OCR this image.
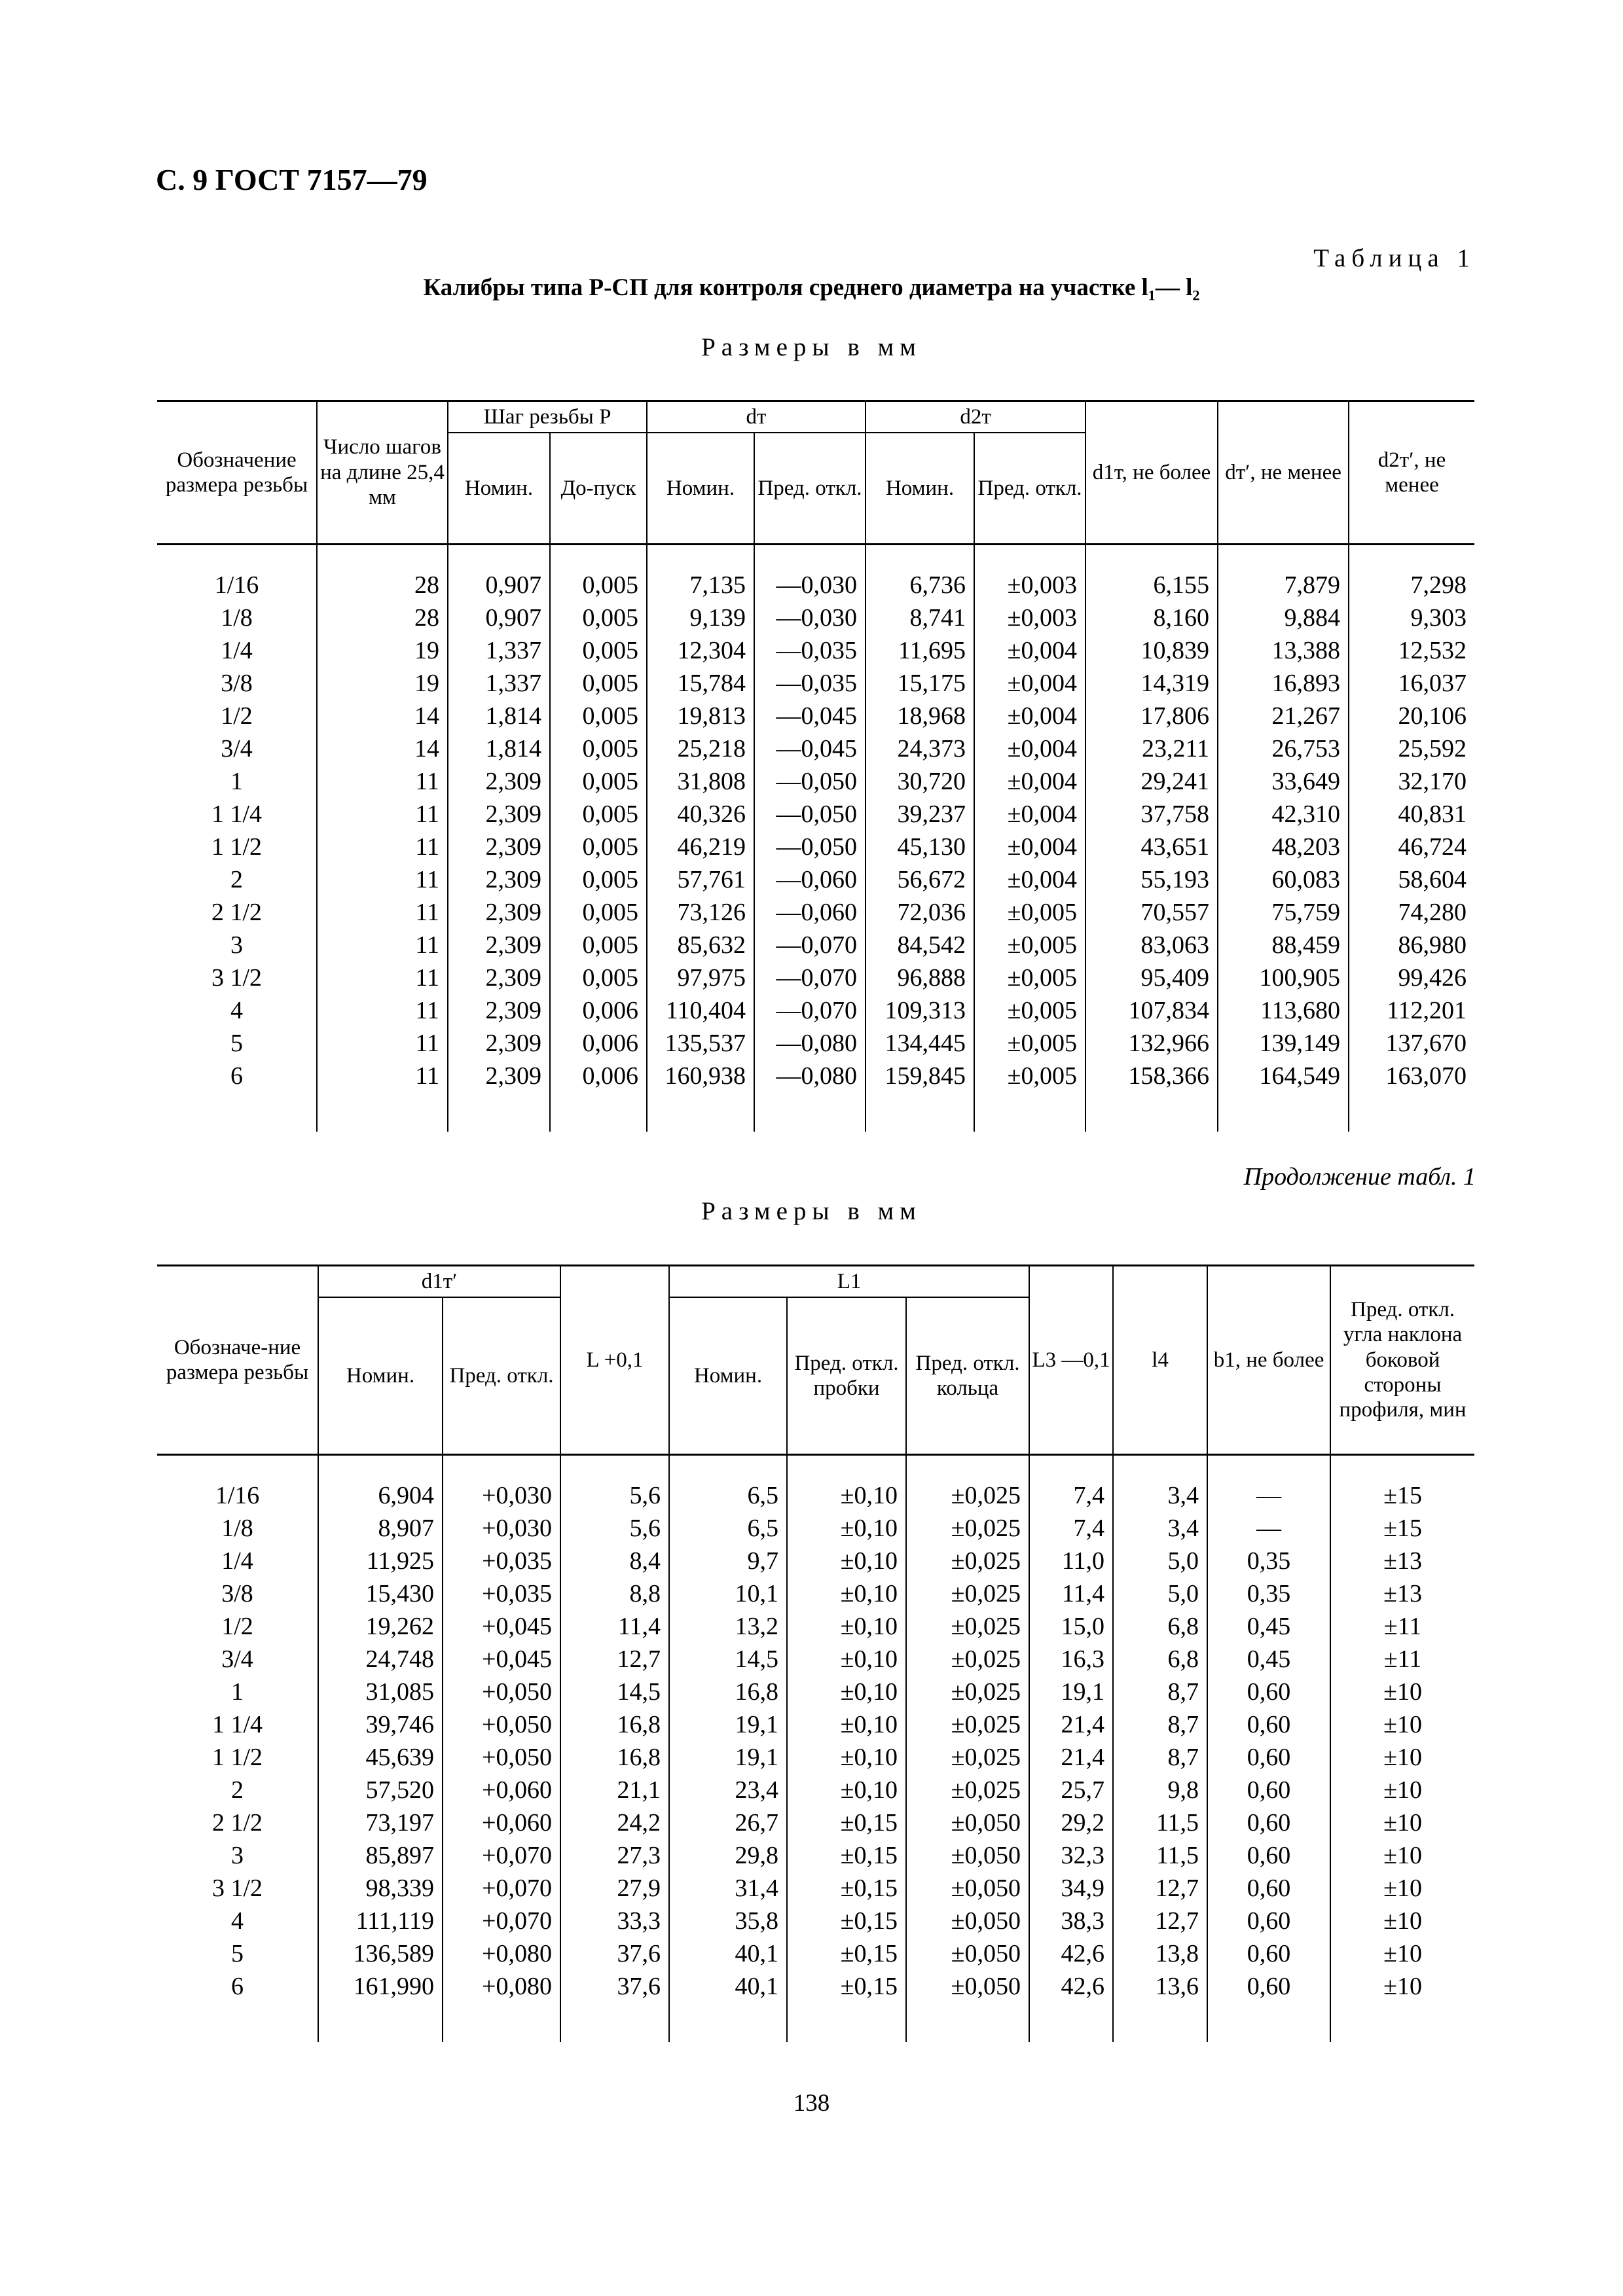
С. 9 ГОСТ 7157—79
Таблица 1
Калибры типа Р-СП для контроля среднего диаметра на участке l₁— l₂
Размеры в мм
Обозначение размера резьбы	Число шагов на длине 25,4 мм	Шаг резьбы P		dт		d2т		d1т, не более	dт′, не менее	d2т′, не менее
		Номин.	До-пуск	Номин.	Пред. откл.	Номин.	Пред. откл.			

1/16	28	0,907	0,005	7,135	—0,030	6,736	±0,003	6,155	7,879	7,298
1/8	28	0,907	0,005	9,139	—0,030	8,741	±0,003	8,160	9,884	9,303
1/4	19	1,337	0,005	12,304	—0,035	11,695	±0,004	10,839	13,388	12,532
3/8	19	1,337	0,005	15,784	—0,035	15,175	±0,004	14,319	16,893	16,037
1/2	14	1,814	0,005	19,813	—0,045	18,968	±0,004	17,806	21,267	20,106
3/4	14	1,814	0,005	25,218	—0,045	24,373	±0,004	23,211	26,753	25,592
1	11	2,309	0,005	31,808	—0,050	30,720	±0,004	29,241	33,649	32,170
1 1/4	11	2,309	0,005	40,326	—0,050	39,237	±0,004	37,758	42,310	40,831
1 1/2	11	2,309	0,005	46,219	—0,050	45,130	±0,004	43,651	48,203	46,724
2	11	2,309	0,005	57,761	—0,060	56,672	±0,004	55,193	60,083	58,604
2 1/2	11	2,309	0,005	73,126	—0,060	72,036	±0,005	70,557	75,759	74,280
3	11	2,309	0,005	85,632	—0,070	84,542	±0,005	83,063	88,459	86,980
3 1/2	11	2,309	0,005	97,975	—0,070	96,888	±0,005	95,409	100,905	99,426
4	11	2,309	0,006	110,404	—0,070	109,313	±0,005	107,834	113,680	112,201
5	11	2,309	0,006	135,537	—0,080	134,445	±0,005	132,966	139,149	137,670
6	11	2,309	0,006	160,938	—0,080	159,845	±0,005	158,366	164,549	163,070

Продолжение табл. 1
Размеры в мм
Обозначе-ние размера резьбы	d1т′		L +0,1	L1			L3 —0,1	l4	b1, не более	Пред. откл. угла наклона боковой стороны профиля, мин
	Номин.	Пред. откл.		Номин.	Пред. откл. пробки	Пред. откл. кольца				

1/16	6,904	+0,030	5,6	6,5	±0,10	±0,025	7,4	3,4	—	±15
1/8	8,907	+0,030	5,6	6,5	±0,10	±0,025	7,4	3,4	—	±15
1/4	11,925	+0,035	8,4	9,7	±0,10	±0,025	11,0	5,0	0,35	±13
3/8	15,430	+0,035	8,8	10,1	±0,10	±0,025	11,4	5,0	0,35	±13
1/2	19,262	+0,045	11,4	13,2	±0,10	±0,025	15,0	6,8	0,45	±11
3/4	24,748	+0,045	12,7	14,5	±0,10	±0,025	16,3	6,8	0,45	±11
1	31,085	+0,050	14,5	16,8	±0,10	±0,025	19,1	8,7	0,60	±10
1 1/4	39,746	+0,050	16,8	19,1	±0,10	±0,025	21,4	8,7	0,60	±10
1 1/2	45,639	+0,050	16,8	19,1	±0,10	±0,025	21,4	8,7	0,60	±10
2	57,520	+0,060	21,1	23,4	±0,10	±0,025	25,7	9,8	0,60	±10
2 1/2	73,197	+0,060	24,2	26,7	±0,15	±0,050	29,2	11,5	0,60	±10
3	85,897	+0,070	27,3	29,8	±0,15	±0,050	32,3	11,5	0,60	±10
3 1/2	98,339	+0,070	27,9	31,4	±0,15	±0,050	34,9	12,7	0,60	±10
4	111,119	+0,070	33,3	35,8	±0,15	±0,050	38,3	12,7	0,60	±10
5	136,589	+0,080	37,6	40,1	±0,15	±0,050	42,6	13,8	0,60	±10
6	161,990	+0,080	37,6	40,1	±0,15	±0,050	42,6	13,6	0,60	±10

138
